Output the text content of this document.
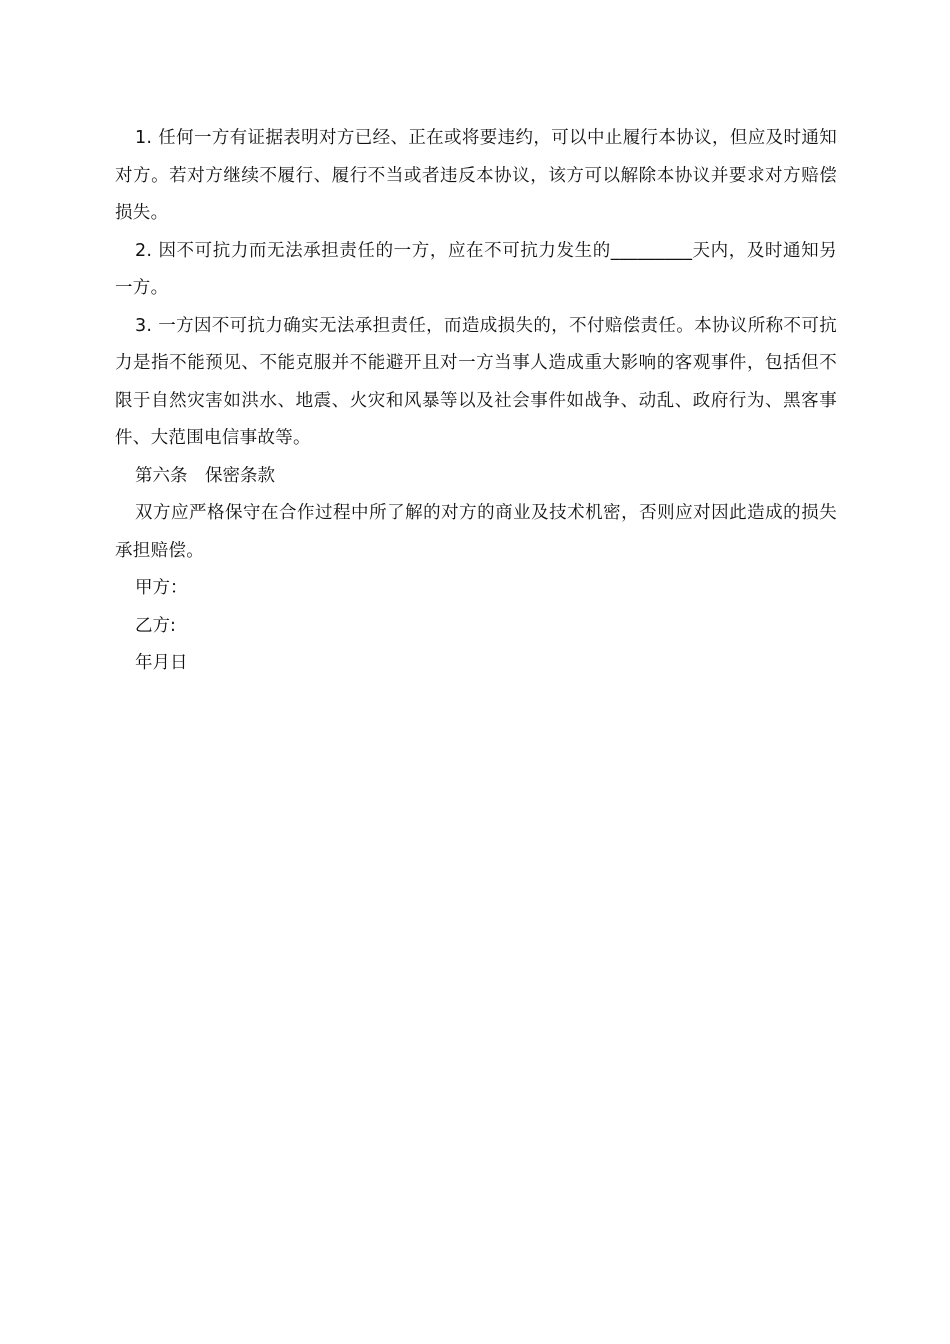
1. 任何一方有证据表明对方已经、正在或将要违约，可以中止履行本协议，但应及时通知对方。若对方继续不履行、履行不当或者违反本协议，该方可以解除本协议并要求对方赔偿损失。

2. 因不可抗力而无法承担责任的一方，应在不可抗力发生的_________天内，及时通知另一方。

3. 一方因不可抗力确实无法承担责任，而造成损失的，不付赔偿责任。本协议所称不可抗力是指不能预见、不能克服并不能避开且对一方当事人造成重大影响的客观事件，包括但不限于自然灾害如洪水、地震、火灾和风暴等以及社会事件如战争、动乱、政府行为、黑客事件、大范围电信事故等。

第六条　保密条款

双方应严格保守在合作过程中所了解的对方的商业及技术机密，否则应对因此造成的损失承担赔偿。

甲方：

乙方:

年月日
